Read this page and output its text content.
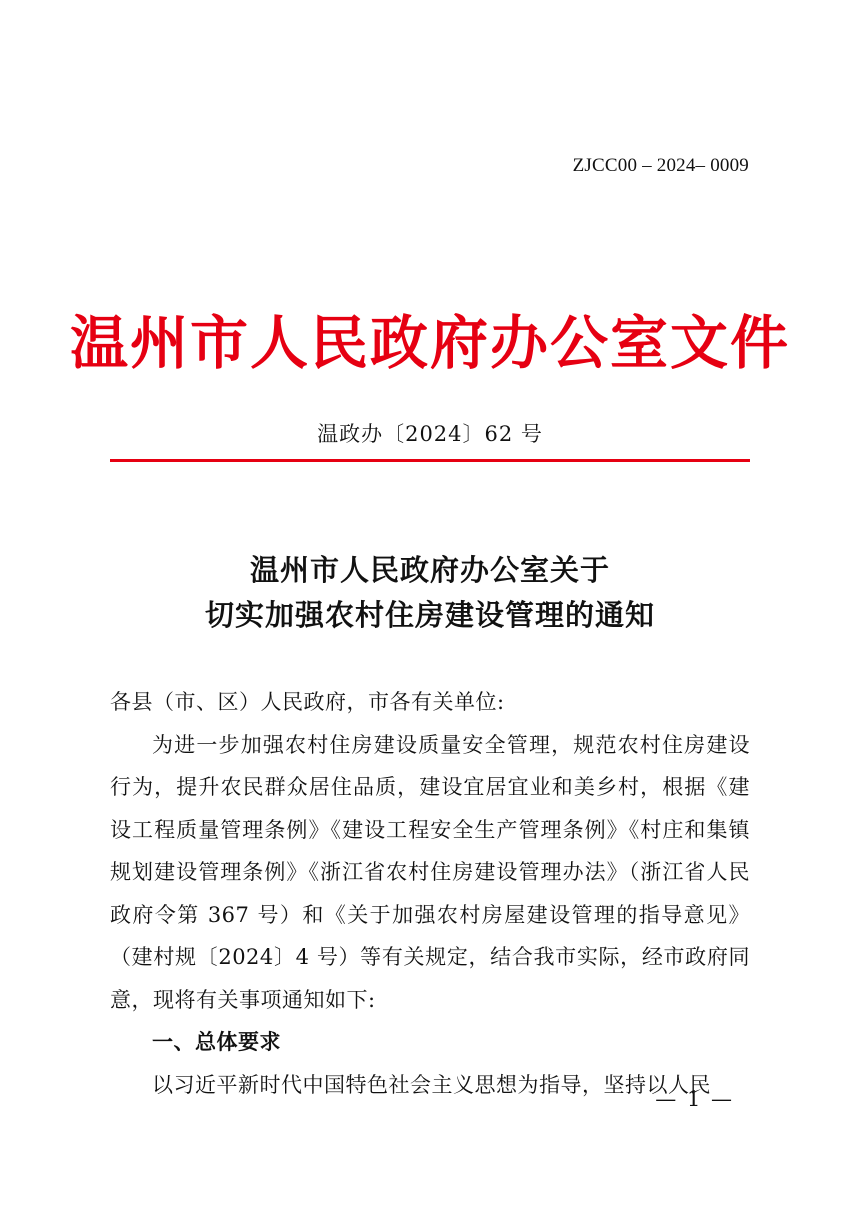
ZJCC00 – 2024– 0009
温州市人民政府办公室文件
温政办〔2024〕62 号
温州市人民政府办公室关于
切实加强农村住房建设管理的通知

各县（市、区）人民政府，市各有关单位:

为进一步加强农村住房建设质量安全管理，规范农村住房建设行为，提升农民群众居住品质，建设宜居宜业和美乡村，根据《建设工程质量管理条例》《建设工程安全生产管理条例》《村庄和集镇规划建设管理条例》《浙江省农村住房建设管理办法》（浙江省人民政府令第 367 号）和《关于加强农村房屋建设管理的指导意见》（建村规〔2024〕4 号）等有关规定，结合我市实际，经市政府同意，现将有关事项通知如下:

一、总体要求

以习近平新时代中国特色社会主义思想为指导，坚持以人民

— 1 —
